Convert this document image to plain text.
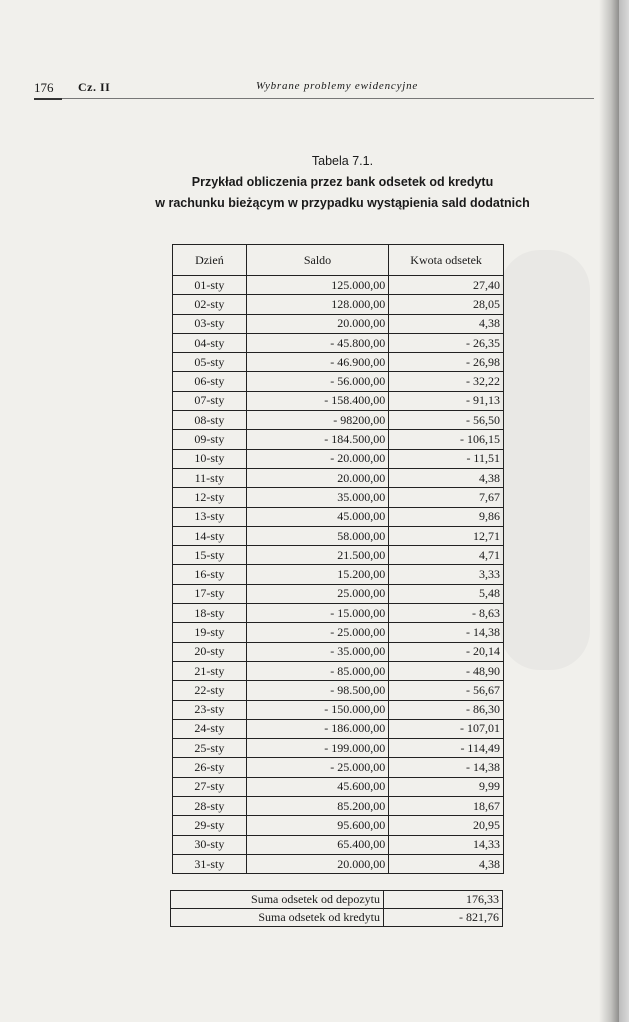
176 Cz. II	Wybrane problemy ewidencyjne
Tabela 7.1.
Przykład obliczenia przez bank odsetek od kredytu
w rachunku bieżącym w przypadku wystąpienia sald dodatnich
Dzień	Saldo	Kwota odsetek
01-sty	125.000,00	27,40
02-sty	128.000,00	28,05
03-sty	20.000,00	4,38
04-sty	- 45.800,00	- 26,35
05-sty	- 46.900,00	- 26,98
06-sty	- 56.000,00	- 32,22
07-sty	- 158.400,00	- 91,13
08-sty	- 98200,00	- 56,50
09-sty	- 184.500,00	- 106,15
10-sty	- 20.000,00	- 11,51
11-sty	20.000,00	4,38
12-sty	35.000,00	7,67
13-sty	45.000,00	9,86
14-sty	58.000,00	12,71
15-sty	21.500,00	4,71
16-sty	15.200,00	3,33
17-sty	25.000,00	5,48
18-sty	- 15.000,00	- 8,63
19-sty	- 25.000,00	- 14,38
20-sty	- 35.000,00	- 20,14
21-sty	- 85.000,00	- 48,90
22-sty	- 98.500,00	- 56,67
23-sty	- 150.000,00	- 86,30
24-sty	- 186.000,00	- 107,01
25-sty	- 199.000,00	- 114,49
26-sty	- 25.000,00	- 14,38
27-sty	45.600,00	9,99
28-sty	85.200,00	18,67
29-sty	95.600,00	20,95
30-sty	65.400,00	14,33
31-sty	20.000,00	4,38
Suma odsetek od depozytu	176,33
Suma odsetek od kredytu	- 821,76
